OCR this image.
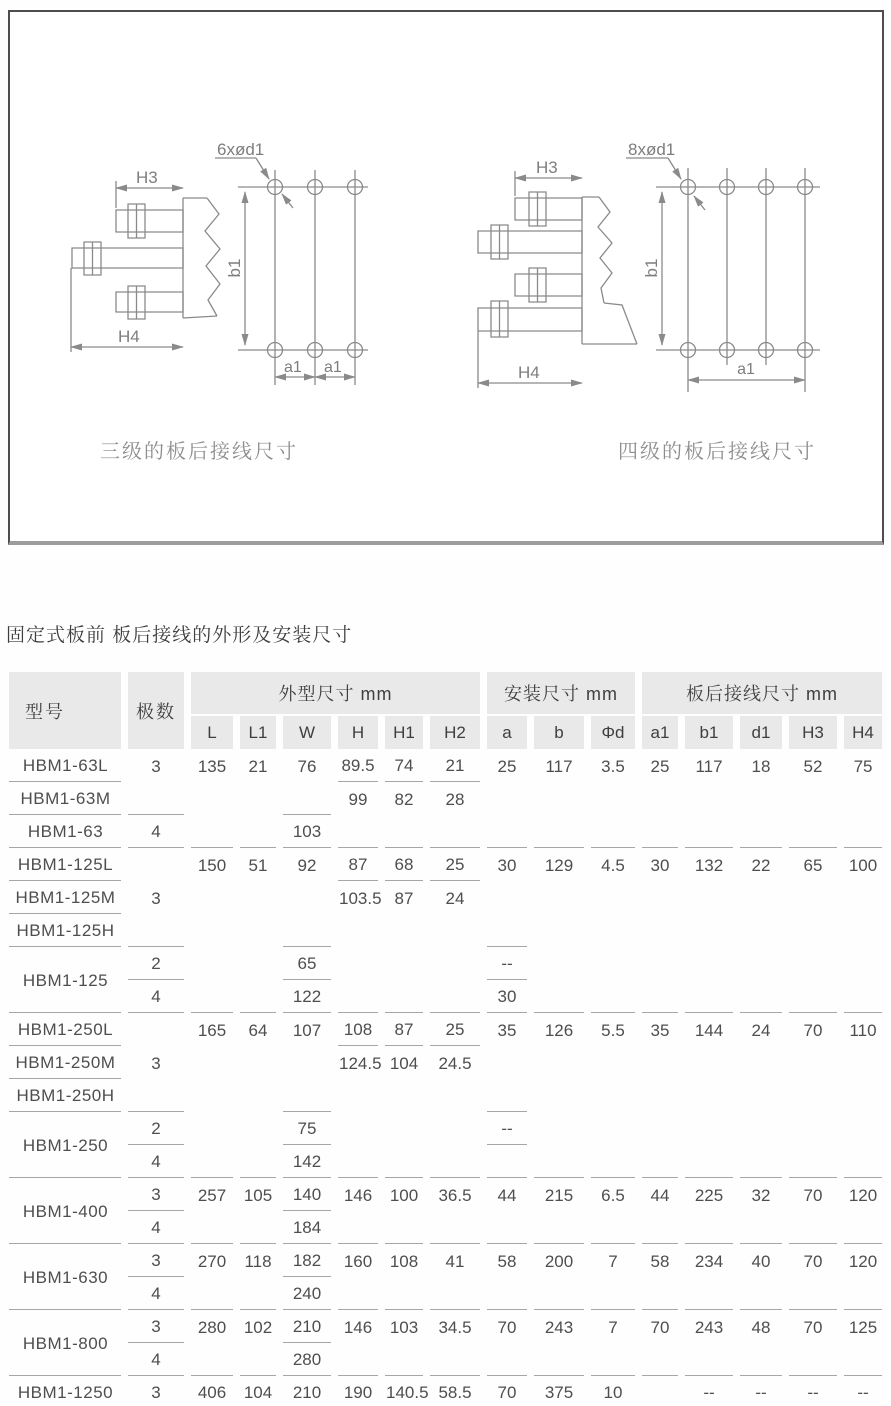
H3
H4
b1
a1 a1
6xød1
H3
H4
b1
a1
8xød1
三级的板后接线尺寸	四级的板后接线尺寸
固定式板前 板后接线的外形及安装尺寸
型号	极数	外型尺寸 mm						安装尺寸 mm			板后接线尺寸 mm				
		L	L1	W	H	H1	H2	a	b	Φd	a1	b1	d1	H3	H4
HBM1-63L	3	135	21	76	89.5	74	21	25	117	3.5	25	117	18	52	75
HBM1-63M					99	82	28								
HBM1-63	4			103											
HBM1-125L		150	51	92	87	68	25	30	129	4.5	30	132	22	65	100
HBM1-125M	3				103.5	87	24								
HBM1-125H															
HBM1-125	2			65				--							
	4			122				30							
HBM1-250L		165	64	107	108	87	25	35	126	5.5	35	144	24	70	110
HBM1-250M	3				124.5	104	24.5								
HBM1-250H															
HBM1-250	2			75				--							
	4			142											
HBM1-400	3	257	105	140	146	100	36.5	44	215	6.5	44	225	32	70	120
	4			184											
HBM1-630	3	270	118	182	160	108	41	58	200	7	58	234	40	70	120
	4			240											
HBM1-800	3	280	102	210	146	103	34.5	70	243	7	70	243	48	70	125
	4			280											
HBM1-1250	3	406	104	210	190	140.5	58.5	70	375	10		--	--	--	--
